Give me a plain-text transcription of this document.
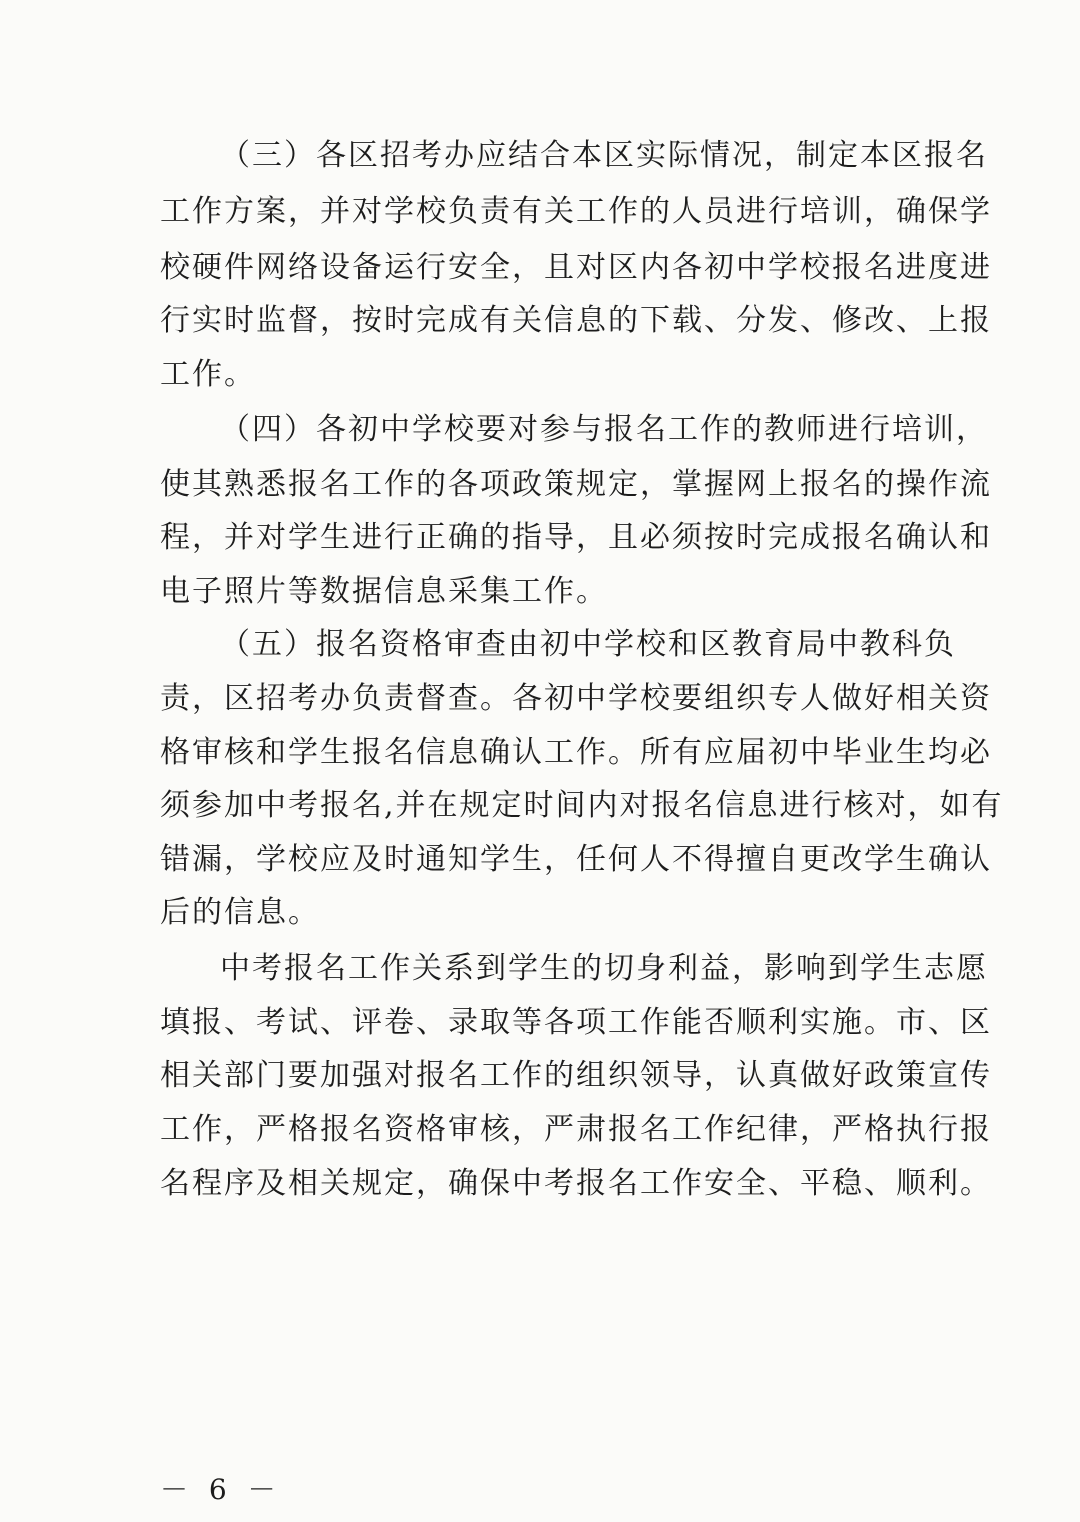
（三）各区招考办应结合本区实际情况，制定本区报名
工作方案，并对学校负责有关工作的人员进行培训，确保学
校硬件网络设备运行安全，且对区内各初中学校报名进度进
行实时监督，按时完成有关信息的下载、分发、修改、上报
工作。
（四）各初中学校要对参与报名工作的教师进行培训，
使其熟悉报名工作的各项政策规定，掌握网上报名的操作流
程，并对学生进行正确的指导，且必须按时完成报名确认和
电子照片等数据信息采集工作。
（五）报名资格审查由初中学校和区教育局中教科负
责，区招考办负责督查。各初中学校要组织专人做好相关资
格审核和学生报名信息确认工作。所有应届初中毕业生均必
须参加中考报名,并在规定时间内对报名信息进行核对，如有
错漏，学校应及时通知学生，任何人不得擅自更改学生确认
后的信息。
中考报名工作关系到学生的切身利益，影响到学生志愿
填报、考试、评卷、录取等各项工作能否顺利实施。市、区
相关部门要加强对报名工作的组织领导，认真做好政策宣传
工作，严格报名资格审核，严肃报名工作纪律，严格执行报
名程序及相关规定，确保中考报名工作安全、平稳、顺利。
－ 6 －
